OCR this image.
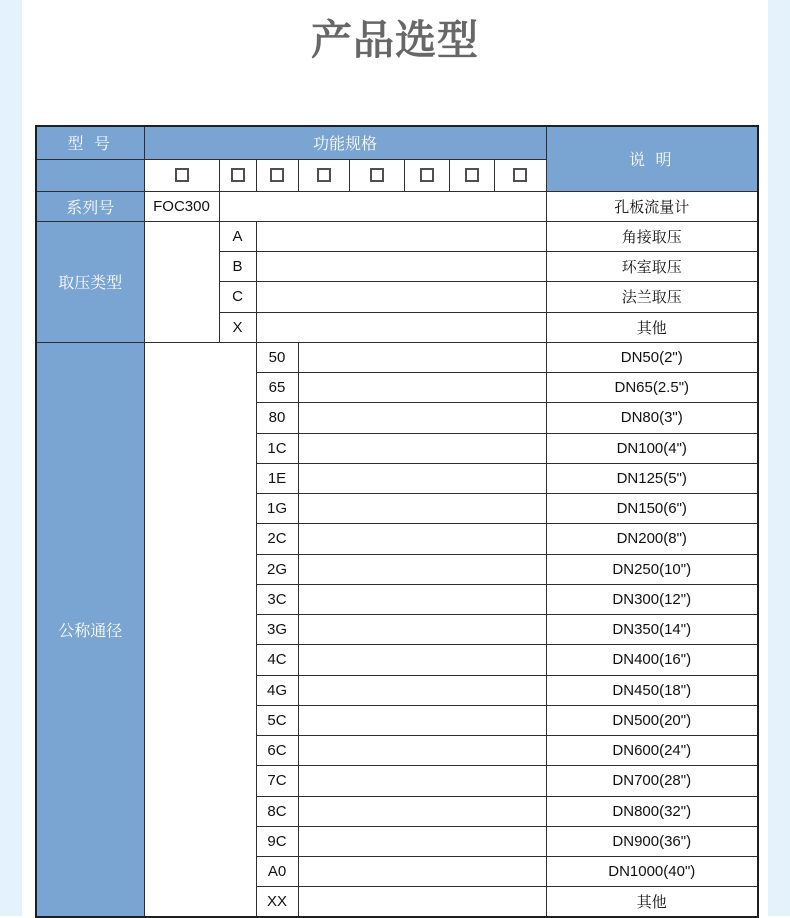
产品选型
型 号	功能规格								说 明

系列号	FOC300								孔板流量计
取压类型		A							角接取压
		B							环室取压
		C							法兰取压
		X							其他
公称通径			50						DN50(2")
			65						DN65(2.5")
			80						DN80(3")
			1C						DN100(4")
			1E						DN125(5")
			1G						DN150(6")
			2C						DN200(8")
			2G						DN250(10")
			3C						DN300(12")
			3G						DN350(14")
			4C						DN400(16")
			4G						DN450(18")
			5C						DN500(20")
			6C						DN600(24")
			7C						DN700(28")
			8C						DN800(32")
			9C						DN900(36")
			A0						DN1000(40")
			XX						其他
